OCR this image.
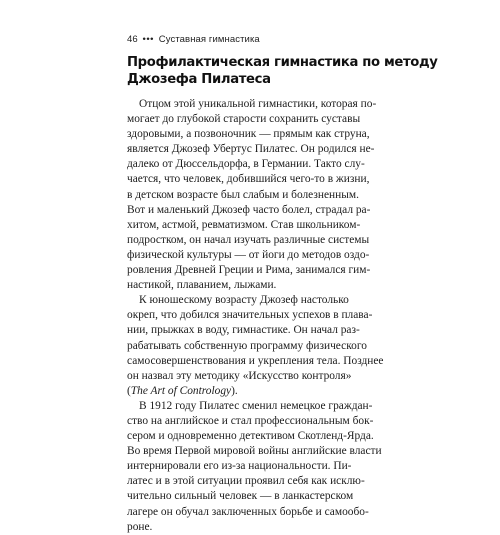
46 ••• Суставная гимнастика
Профилактическая гимнастика по методу
Джозефа Пилатеса

Отцом этой уникальной гимнастики, которая по-
могает до глубокой старости сохранить суставы
здоровыми, а позвоночник — прямым как струна,
является Джозеф Убертус Пилатес. Он родился не-
далеко от Дюссельдорфа, в Германии. Такто слу-
чается, что человек, добившийся чего-то в жизни,
в детском возрасте был слабым и болезненным.
Вот и маленький Джозеф часто болел, страдал ра-
хитом, астмой, ревматизмом. Став школьником-
подростком, он начал изучать различные системы
физической культуры — от йоги до методов оздо-
ровления Древней Греции и Рима, занимался гим-
настикой, плаванием, лыжами.

К юношескому возрасту Джозеф настолько
окреп, что добился значительных успехов в плава-
нии, прыжках в воду, гимнастике. Он начал раз-
рабатывать собственную программу физического
самосовершенствования и укрепления тела. Позднее
он назвал эту методику «Искусство контроля»
(The Art of Contrology).

В 1912 году Пилатес сменил немецкое граждан-
ство на английское и стал профессиональным бок-
сером и одновременно детективом Скотленд-Ярда.
Во время Первой мировой войны английские власти
интернировали его из-за национальности. Пи-
латес и в этой ситуации проявил себя как исклю-
чительно сильный человек — в ланкастерском
лагере он обучал заключенных борьбе и самообо-
роне.
